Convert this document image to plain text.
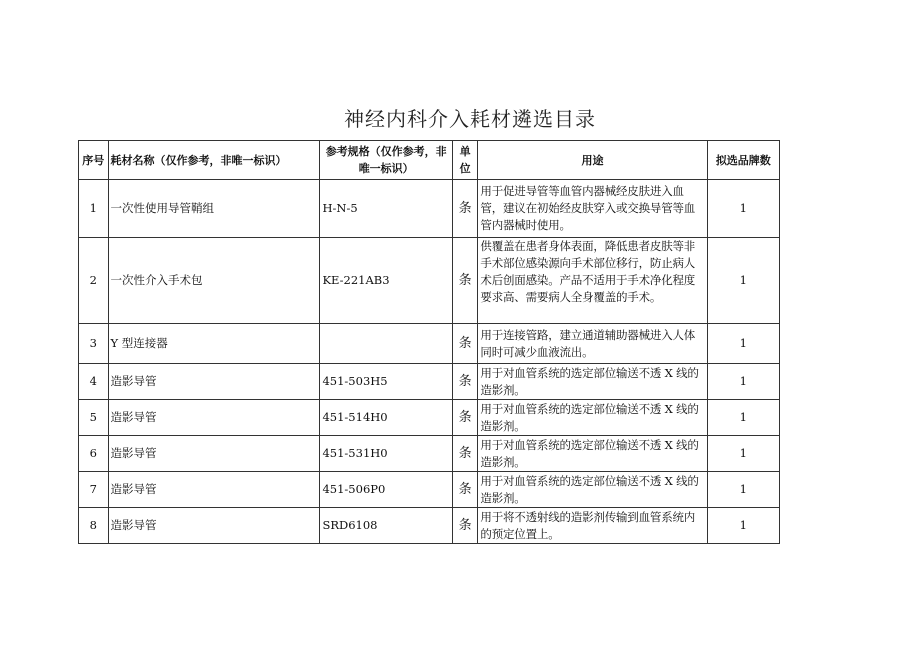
神经内科介入耗材遴选目录
序号	耗材名称（仅作参考，非唯一标识）	参考规格（仅作参考，非唯一标识）	单位	用途	拟选品牌数
1	一次性使用导管鞘组	H-N-5	条	用于促进导管等血管内器械经皮肤进入血管，建议在初始经皮肤穿入或交换导管等血管内器械时使用。	1
2	一次性介入手术包	KE-221AB3	条	供覆盖在患者身体表面，降低患者皮肤等非手术部位感染源向手术部位移行，防止病人术后创面感染。产品不适用于手术净化程度要求高、需要病人全身覆盖的手术。	1
3	Y 型连接器		条	用于连接管路，建立通道辅助器械进入人体同时可减少血液流出。	1
4	造影导管	451-503H5	条	用于对血管系统的选定部位输送不透 X 线的造影剂。	1
5	造影导管	451-514H0	条	用于对血管系统的选定部位输送不透 X 线的造影剂。	1
6	造影导管	451-531H0	条	用于对血管系统的选定部位输送不透 X 线的造影剂。	1
7	造影导管	451-506P0	条	用于对血管系统的选定部位输送不透 X 线的造影剂。	1
8	造影导管	SRD6108	条	用于将不透射线的造影剂传输到血管系统内的预定位置上。	1
